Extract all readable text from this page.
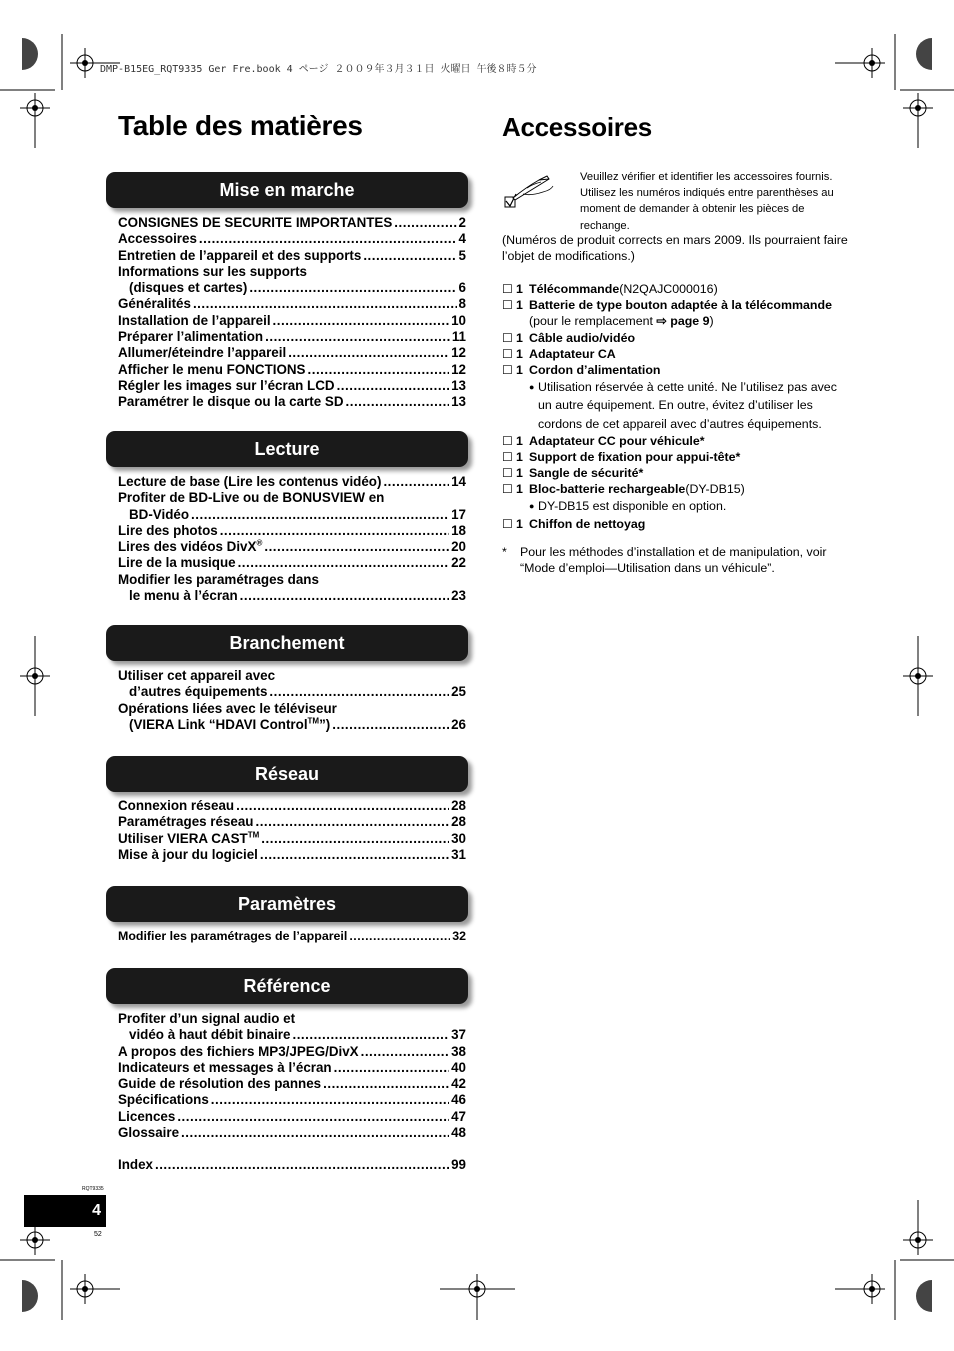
DMP-B15EG_RQT9335 Ger Fre.book 4 ページ ２００９年３月３１日 火曜日 午後８時５分
Table des matières	Accessoires
Mise en marche
CONSIGNES DE SECURITE IMPORTANTES .....	2
Accessoires .....	4
Entretien de l’appareil et des supports .....	5
Informations sur les supports
(disques et cartes) .....	6
Généralités .....	8
Installation de l’appareil .....	10
Préparer l’alimentation .....	11
Allumer/éteindre l’appareil .....	12
Afficher le menu FONCTIONS .....	12
Régler les images sur l’écran LCD .....	13
Paramétrer le disque ou la carte SD .....	13
Lecture
Lecture de base (Lire les contenus vidéo) .....	14
Profiter de BD-Live ou de BONUSVIEW en
BD-Vidéo .....	17
Lire des photos .....	18
Lires des vidéos DivX® .....	20
Lire de la musique .....	22
Modifier les paramétrages dans
le menu à l’écran .....	23
Branchement
Utiliser cet appareil avec
d’autres équipements .....	25
Opérations liées avec le téléviseur
(VIERA Link “HDAVI Control™”) .....	26
Réseau
Connexion réseau .....	28
Paramétrages réseau .....	28
Utiliser VIERA CAST™ .....	30
Mise à jour du logiciel .....	31
Paramètres
Modifier les paramétrages de l’appareil .....	32
Référence
Profiter d’un signal audio et
vidéo à haut débit binaire .....	37
A propos des fichiers MP3/JPEG/DivX .....	38
Indicateurs et messages à l’écran .....	40
Guide de résolution des pannes .....	42
Spécifications .....	46
Licences .....	47
Glossaire .....	48
Index .....	99
Veuillez vérifier et identifier les accessoires fournis.
Utilisez les numéros indiqués entre parenthèses au
moment de demander à obtenir les pièces de
rechange.
(Numéros de produit corrects en mars 2009. Ils pourraient faire
l’objet de modifications.)
☐ 1 Télécommande (N2QAJC000016)
☐ 1 Batterie de type bouton adaptée à la télécommande
(pour le remplacement ⇨ page 9)
☐ 1 Câble audio/vidéo
☐ 1 Adaptateur CA
☐ 1 Cordon d’alimentation
● Utilisation réservée à cette unité. Ne l’utilisez pas avec
un autre équipement. En outre, évitez d’utiliser les
cordons de cet appareil avec d’autres équipements.
☐ 1 Adaptateur CC pour véhicule*
☐ 1 Support de fixation pour appui-tête*
☐ 1 Sangle de sécurité*
☐ 1 Bloc-batterie rechargeable (DY-DB15)
● DY-DB15 est disponible en option.
☐ 1 Chiffon de nettoyag
*	Pour les méthodes d’installation et de manipulation, voir
“Mode d’emploi—Utilisation dans un véhicule”.
RQT9335
4
52
